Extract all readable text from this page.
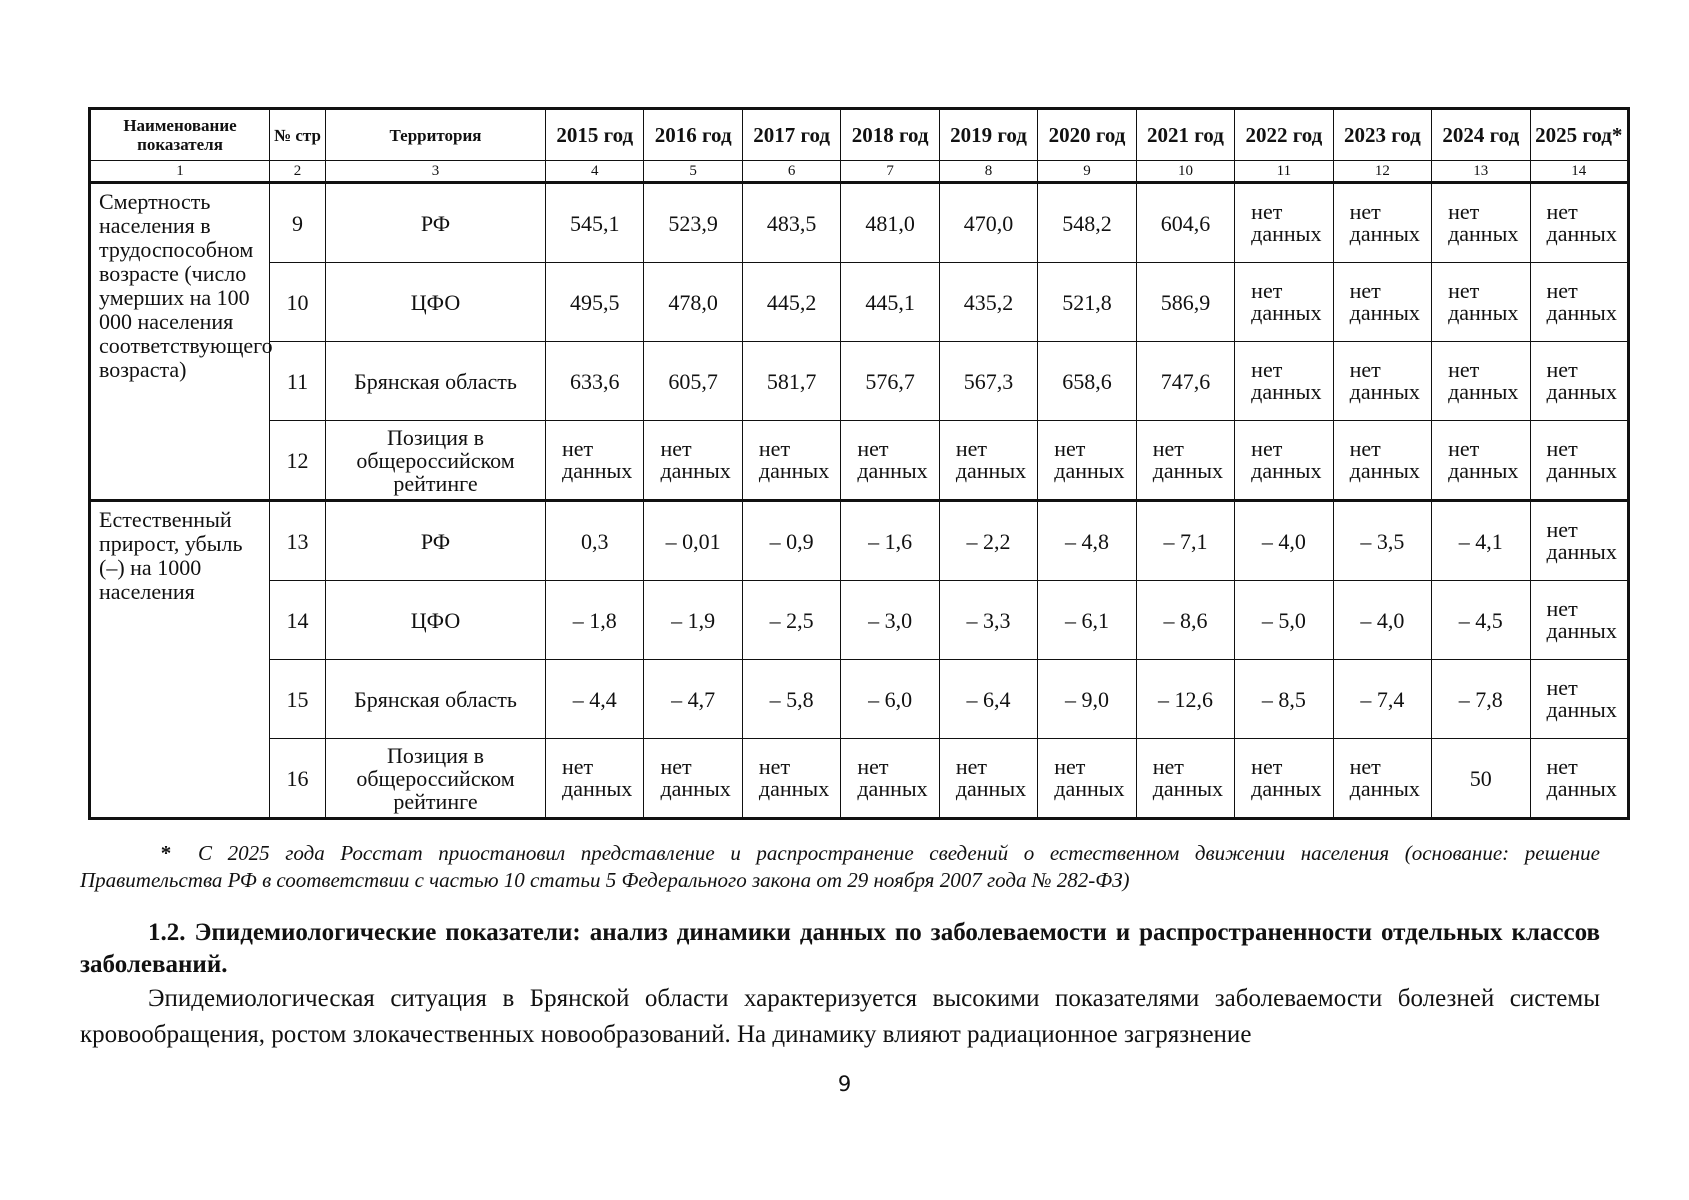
Наименование показателя	№ стр	Территория	2015 год	2016 год	2017 год	2018 год	2019 год	2020 год	2021 год	2022 год	2023 год	2024 год	2025 год*
1	2	3	4	5	6	7	8	9	10	11	12	13	14
Смертность населения в трудоспособном возрасте (число умерших на 100 000 населения соответствующего возраста)	9	РФ	545,1	523,9	483,5	481,0	470,0	548,2	604,6	нет данных	нет данных	нет данных	нет данных
	10	ЦФО	495,5	478,0	445,2	445,1	435,2	521,8	586,9	нет данных	нет данных	нет данных	нет данных
	11	Брянская область	633,6	605,7	581,7	576,7	567,3	658,6	747,6	нет данных	нет данных	нет данных	нет данных
	12	Позиция в общероссийском рейтинге	нет данных	нет данных	нет данных	нет данных	нет данных	нет данных	нет данных	нет данных	нет данных	нет данных	нет данных
Естественный прирост, убыль (–) на 1000 населения	13	РФ	0,3	– 0,01	– 0,9	– 1,6	– 2,2	– 4,8	– 7,1	– 4,0	– 3,5	– 4,1	нет данных
	14	ЦФО	– 1,8	– 1,9	– 2,5	– 3,0	– 3,3	– 6,1	– 8,6	– 5,0	– 4,0	– 4,5	нет данных
	15	Брянская область	– 4,4	– 4,7	– 5,8	– 6,0	– 6,4	– 9,0	– 12,6	– 8,5	– 7,4	– 7,8	нет данных
	16	Позиция в общероссийском рейтинге	нет данных	нет данных	нет данных	нет данных	нет данных	нет данных	нет данных	нет данных	нет данных	50	нет данных

* С 2025 года Росстат приостановил представление и распространение сведений о естественном движении населения (основание: решение Правительства РФ в соответствии с частью 10 статьи 5 Федерального закона от 29 ноября 2007 года № 282-ФЗ)

1.2. Эпидемиологические показатели: анализ динамики данных по заболеваемости и распространенности отдельных классов заболеваний.

Эпидемиологическая ситуация в Брянской области характеризуется высокими показателями заболеваемости болезней системы кровообращения, ростом злокачественных новообразований. На динамику влияют радиационное загрязнение

9
